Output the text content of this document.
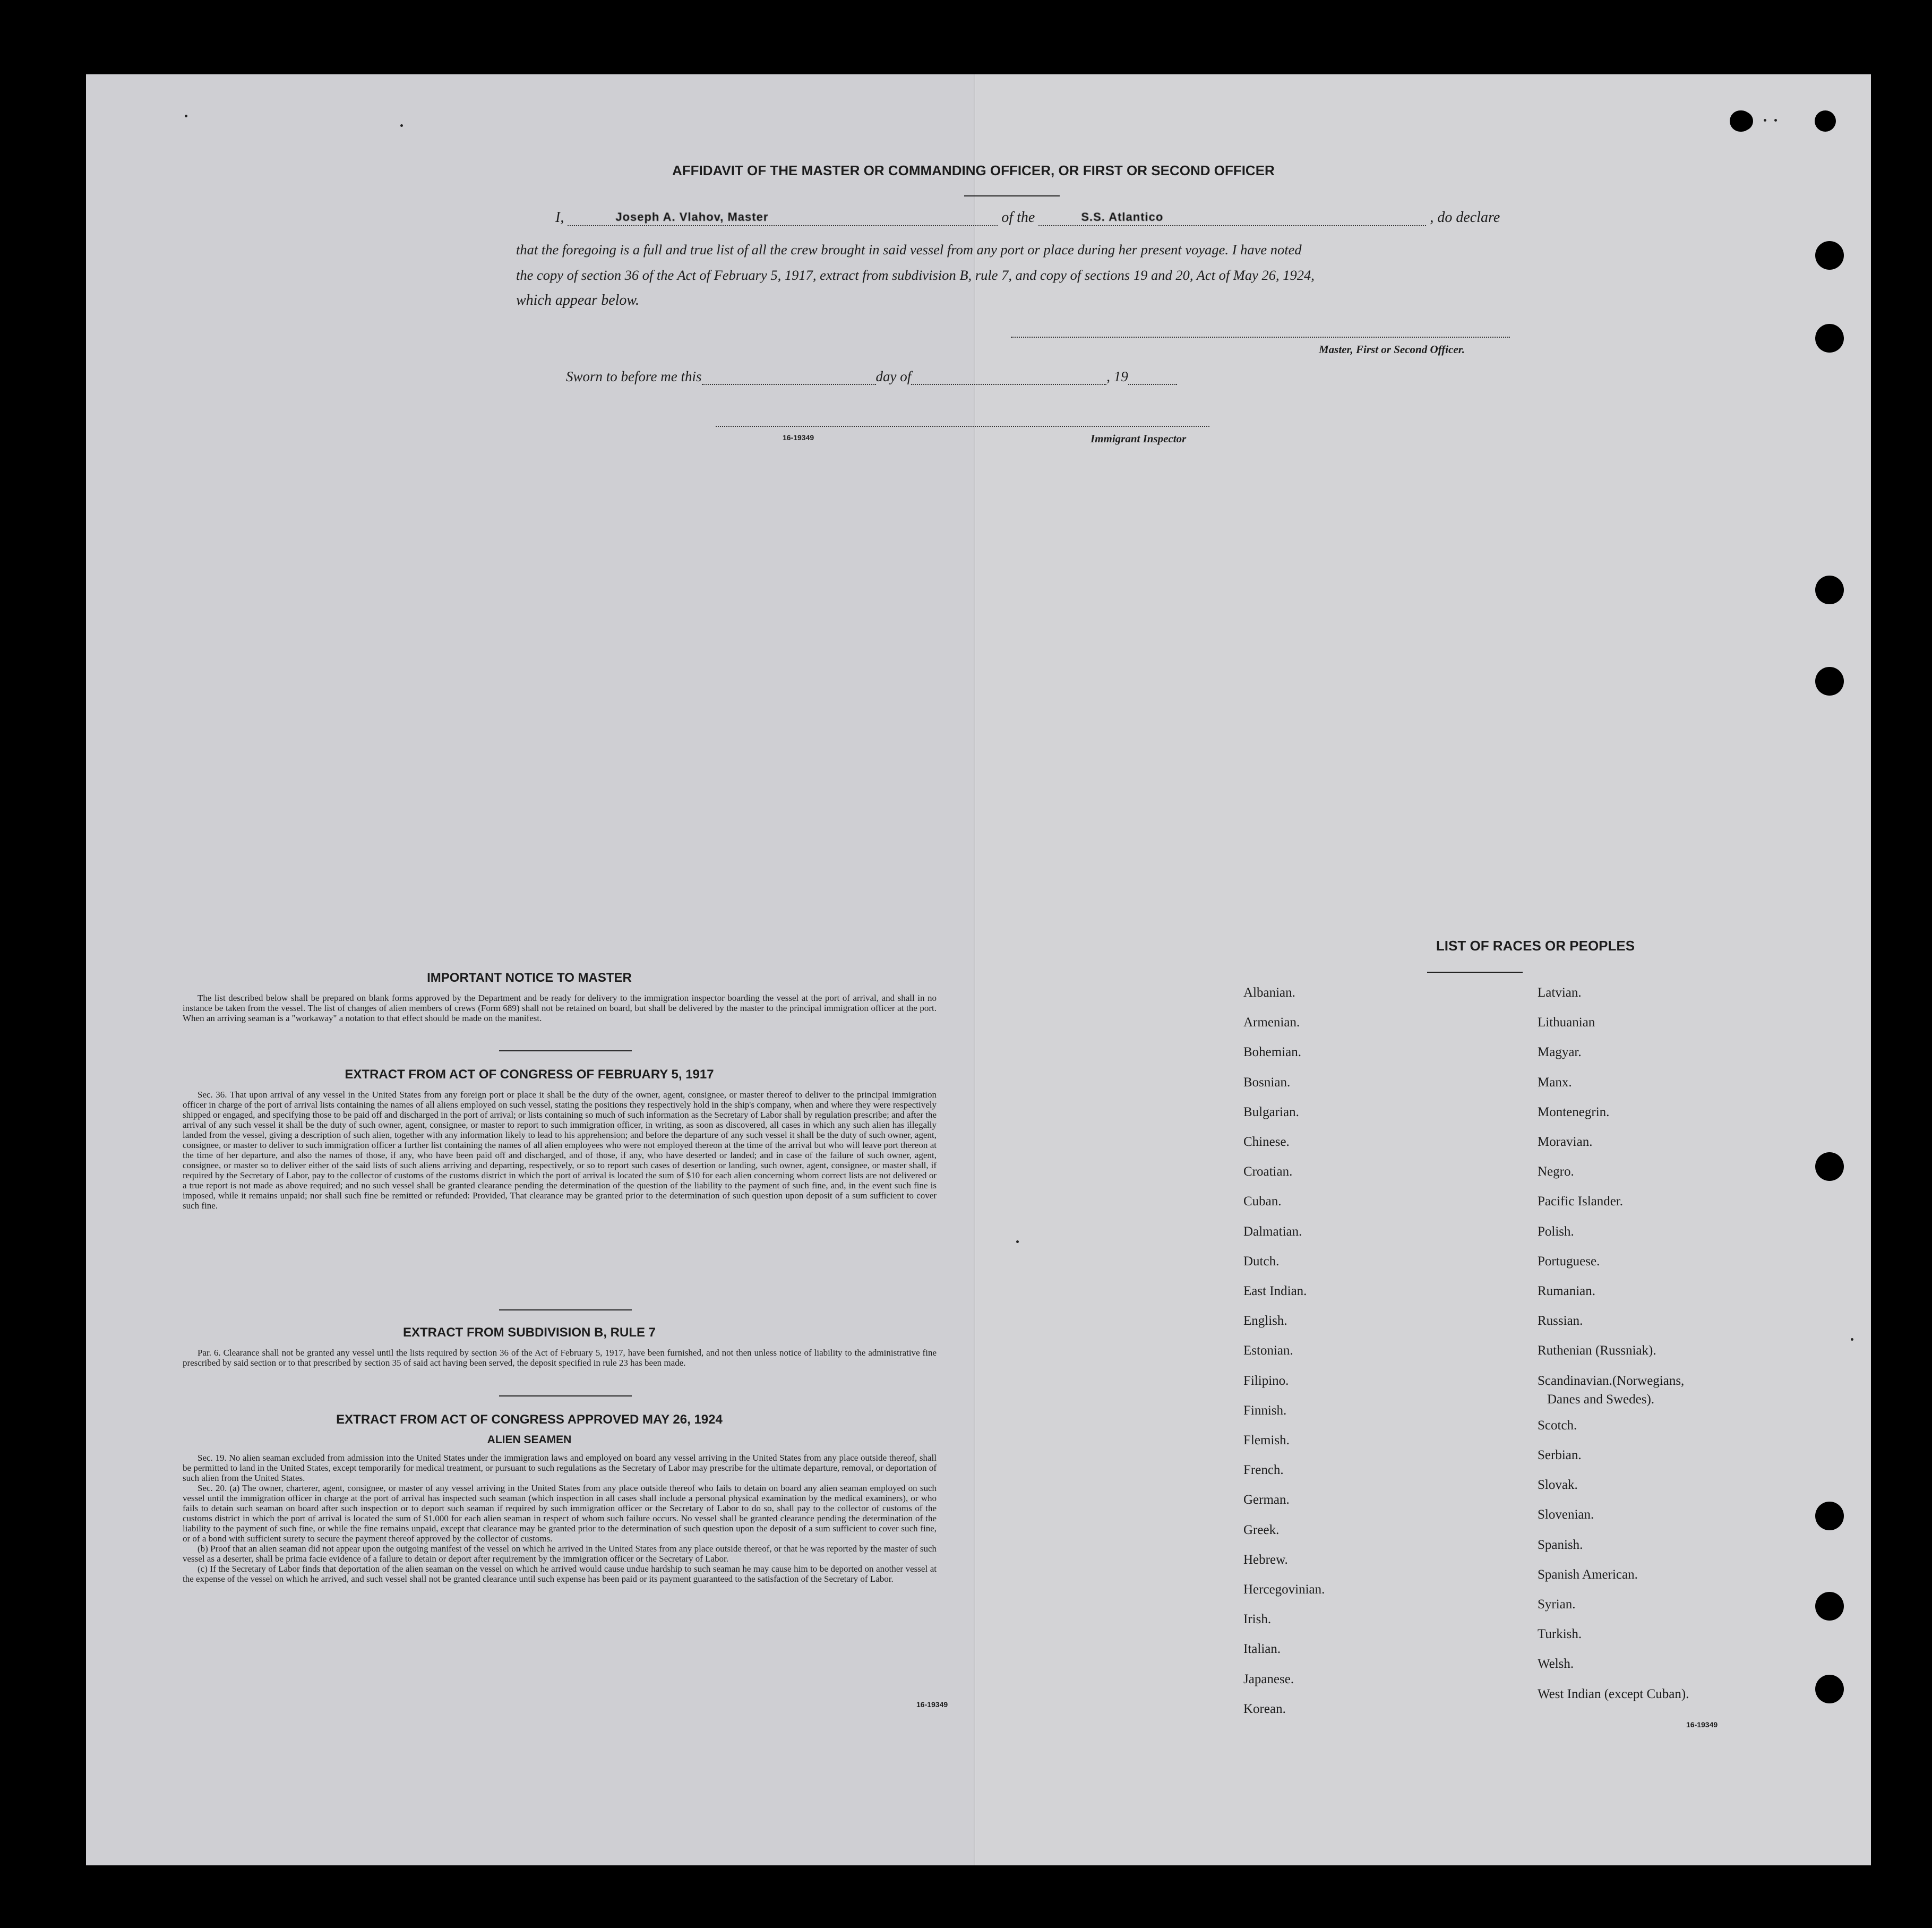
AFFIDAVIT OF THE MASTER OR COMMANDING OFFICER, OR FIRST OR SECOND OFFICER
I,	Joseph A. Vlahov, Master	of the	S.S. Atlantico	, do declare
that the foregoing is a full and true list of all the crew brought in said vessel from any port or place during her present voyage. I have noted
the copy of section 36 of the Act of February 5, 1917, extract from subdivision B, rule 7, and copy of sections 19 and 20, Act of May 26, 1924,
which appear below.
Master, First or Second Officer.
Sworn to before me this	day of	, 19
16-19349	Immigrant Inspector
IMPORTANT NOTICE TO MASTER

The list described below shall be prepared on blank forms approved by the Department and be ready for delivery to the immigration inspector boarding the vessel at the port of arrival, and shall in no instance be taken from the vessel. The list of changes of alien members of crews (Form 689) shall not be retained on board, but shall be delivered by the master to the principal immigration officer at the port. When an arriving seaman is a "workaway" a notation to that effect should be made on the manifest.

EXTRACT FROM ACT OF CONGRESS OF FEBRUARY 5, 1917

Sec. 36. That upon arrival of any vessel in the United States from any foreign port or place it shall be the duty of the owner, agent, consignee, or master thereof to deliver to the principal immigration officer in charge of the port of arrival lists containing the names of all aliens employed on such vessel, stating the positions they respectively hold in the ship's company, when and where they were respectively shipped or engaged, and specifying those to be paid off and discharged in the port of arrival; or lists containing so much of such information as the Secretary of Labor shall by regulation prescribe; and after the arrival of any such vessel it shall be the duty of such owner, agent, consignee, or master to report to such immigration officer, in writing, as soon as discovered, all cases in which any such alien has illegally landed from the vessel, giving a description of such alien, together with any information likely to lead to his apprehension; and before the departure of any such vessel it shall be the duty of such owner, agent, consignee, or master to deliver to such immigration officer a further list containing the names of all alien employees who were not employed thereon at the time of the arrival but who will leave port thereon at the time of her departure, and also the names of those, if any, who have been paid off and discharged, and of those, if any, who have deserted or landed; and in case of the failure of such owner, agent, consignee, or master so to deliver either of the said lists of such aliens arriving and departing, respectively, or so to report such cases of desertion or landing, such owner, agent, consignee, or master shall, if required by the Secretary of Labor, pay to the collector of customs of the customs district in which the port of arrival is located the sum of $10 for each alien concerning whom correct lists are not delivered or a true report is not made as above required; and no such vessel shall be granted clearance pending the determination of the question of the liability to the payment of such fine, and, in the event such fine is imposed, while it remains unpaid; nor shall such fine be remitted or refunded: Provided, That clearance may be granted prior to the determination of such question upon deposit of a sum sufficient to cover such fine.

EXTRACT FROM SUBDIVISION B, RULE 7

Par. 6. Clearance shall not be granted any vessel until the lists required by section 36 of the Act of February 5, 1917, have been furnished, and not then unless notice of liability to the administrative fine prescribed by said section or to that prescribed by section 35 of said act having been served, the deposit specified in rule 23 has been made.

EXTRACT FROM ACT OF CONGRESS APPROVED MAY 26, 1924
ALIEN SEAMEN

Sec. 19. No alien seaman excluded from admission into the United States under the immigration laws and employed on board any vessel arriving in the United States from any place outside thereof, shall be permitted to land in the United States, except temporarily for medical treatment, or pursuant to such regulations as the Secretary of Labor may prescribe for the ultimate departure, removal, or deportation of such alien from the United States.

Sec. 20. (a) The owner, charterer, agent, consignee, or master of any vessel arriving in the United States from any place outside thereof who fails to detain on board any alien seaman employed on such vessel until the immigration officer in charge at the port of arrival has inspected such seaman (which inspection in all cases shall include a personal physical examination by the medical examiners), or who fails to detain such seaman on board after such inspection or to deport such seaman if required by such immigration officer or the Secretary of Labor to do so, shall pay to the collector of customs of the customs district in which the port of arrival is located the sum of $1,000 for each alien seaman in respect of whom such failure occurs. No vessel shall be granted clearance pending the determination of the liability to the payment of such fine, or while the fine remains unpaid, except that clearance may be granted prior to the determination of such question upon the deposit of a sum sufficient to cover such fine, or of a bond with sufficient surety to secure the payment thereof approved by the collector of customs.

(b) Proof that an alien seaman did not appear upon the outgoing manifest of the vessel on which he arrived in the United States from any place outside thereof, or that he was reported by the master of such vessel as a deserter, shall be prima facie evidence of a failure to detain or deport after requirement by the immigration officer or the Secretary of Labor.

(c) If the Secretary of Labor finds that deportation of the alien seaman on the vessel on which he arrived would cause undue hardship to such seaman he may cause him to be deported on another vessel at the expense of the vessel on which he arrived, and such vessel shall not be granted clearance until such expense has been paid or its payment guaranteed to the satisfaction of the Secretary of Labor.

16-19349
LIST OF RACES OR PEOPLES
Danes and Swedes).
16-19349
Albanian.
Armenian.
Bohemian.
Bosnian.
Bulgarian.
Chinese.
Croatian.
Cuban.
Dalmatian.
Dutch.
East Indian.
English.
Estonian.
Filipino.
Finnish.
Flemish.
French.
German.
Greek.
Hebrew.
Hercegovinian.
Irish.
Italian.
Japanese.
Korean.
Latvian.
Lithuanian
Magyar.
Manx.
Montenegrin.
Moravian.
Negro.
Pacific Islander.
Polish.
Portuguese.
Rumanian.
Russian.
Ruthenian (Russniak).
Scandinavian.(Norwegians,
Scotch.
Serbian.
Slovak.
Slovenian.
Spanish.
Spanish American.
Syrian.
Turkish.
Welsh.
West Indian (except Cuban).
